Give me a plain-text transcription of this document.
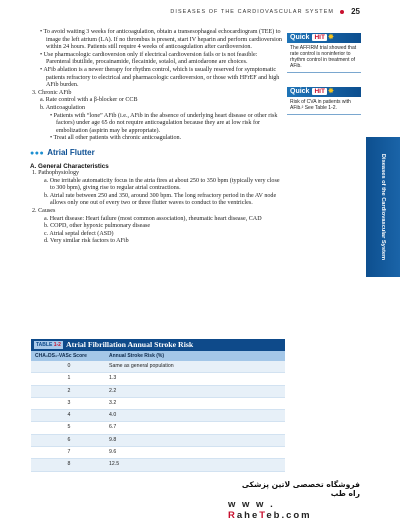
DISEASES OF THE CARDIOVASCULAR SYSTEM 25

• To avoid waiting 3 weeks for anticoagulation, obtain a transesophageal echocardiogram (TEE) to image the left atrium (LA). If no thrombus is present, start IV heparin and perform cardioversion within 24 hours. Patients still require 4 weeks of anticoagulation after cardioversion.

• Use pharmacologic cardioversion only if electrical cardioversion fails or is not feasible: Parenteral ibutilide, procainamide, flecainide, sotalol, and amiodarone are choices.

• AFib ablation is a newer therapy for rhythm control, which is usually reserved for symptomatic patients refractory to electrical and pharmacologic cardioversion, or those with HFrEF and high AFib burden.

3. Chronic AFib

a. Rate control with a β-blocker or CCB

b. Anticoagulation

• Patients with “lone” AFib (i.e., AFib in the absence of underlying heart disease or other risk factors) under age 65 do not require anticoagulation because they are at low risk for embolization (aspirin may be appropriate).

• Treat all other patients with chronic anticoagulation.

●●● Atrial Flutter

A. General Characteristics

1. Pathophysiology

a. One irritable automaticity focus in the atria fires at about 250 to 350 bpm (typically very close to 300 bpm), giving rise to regular atrial contractions.

b. Atrial rate between 250 and 350, around 300 bpm. The long refractory period in the AV node allows only one out of every two or three flutter waves to conduct to the ventricles.

2. Causes

a. Heart disease: Heart failure (most common association), rheumatic heart disease, CAD

b. COPD, other hypoxic pulmonary disease

c. Atrial septal defect (ASD)

d. Very similar risk factors to AFib

Quick HIT ✸
The AFFIRM trial showed that rate control is noninferior to rhythm control in treatment of AFib.
Quick HIT ✸
Risk of CVA in patients with AFib.² See Table 1-2.
Diseases of the Cardiovascular System
TABLE 1-2 Atrial Fibrillation Annual Stroke Risk
CHA₂DS₂-VASc Score	Annual Stroke Risk (%)
0	Same as general population
1	1.3
2	2.2
3	3.2
4	4.0
5	6.7
6	9.8
7	9.6
8	12.5
فروشگاه تخصصی لاتین پزشکی راه طب
w w w . RaheTeb.com
